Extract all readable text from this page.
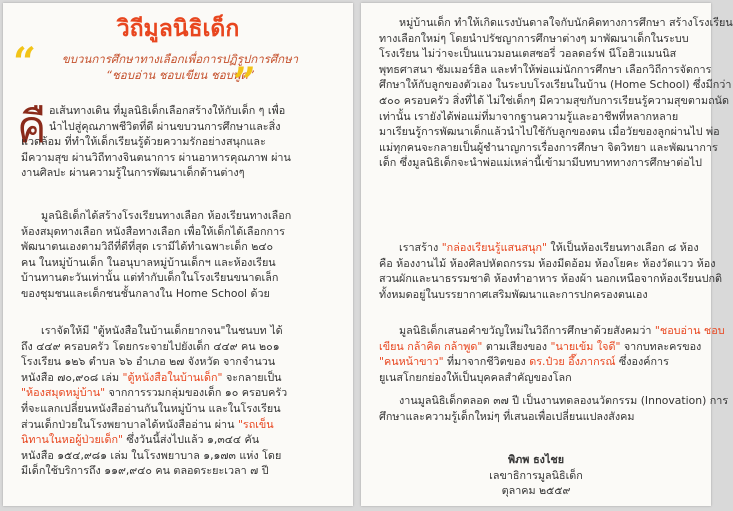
วิถีมูลนิธิเด็ก
“	ขบวนการศึกษาทางเลือกเพื่อการปฏิรูปการศึกษา
“ชอบอ่าน ชอบเขียน ชอบพูด”
”
คื อเส้นทางเดิน ที่มูลนิธิเด็กเลือกสร้างให้กับเด็ก ๆ เพื่อ
นำไปสู่คุณภาพชีวิตที่ดี ผ่านขบวนการศึกษาและสิ่ง
แวดล้อม ที่ทำให้เด็กเรียนรู้ด้วยความรักอย่างสนุกและ
มีความสุข ผ่านวิถีทางจินตนาการ ผ่านอาหารคุณภาพ ผ่าน
งานศิลปะ ผ่านความรู้ในการพัฒนาเด็กด้านต่างๆ
มูลนิธิเด็กได้สร้างโรงเรียนทางเลือก ห้องเรียนทางเลือก
ห้องสมุดทางเลือก หนังสือทางเลือก เพื่อให้เด็กได้เลือกการ
พัฒนาตนเองตามวิถีที่ดีที่สุด เรามีได้ทำเฉพาะเด็ก ๒๔๐
คน ในหมู่บ้านเด็ก ในอนุบาลหมู่บ้านเด็กฯ และห้องเรียน
บ้านทานตะวันเท่านั้น แต่ทำกับเด็กในโรงเรียนขนาดเล็ก
ของชุมชนและเด็กชนชั้นกลางใน Home School ด้วย
เราจัดให้มี "ตู้หนังสือในบ้านเด็กยากจน"ในชนบท ได้
ถึง ๔๔๙ ครอบครัว โดยกระจายไปยังเด็ก ๔๔๙ คน ๒๐๑
โรงเรียน ๑๒๖ ตำบล ๖๖ อำเภอ ๒๗ จังหวัด จากจำนวน
หนังสือ ๗๐,๙๐๘ เล่ม "ตู้หนังสือในบ้านเด็ก" จะกลายเป็น
"ห้องสมุดหมู่บ้าน" จากการรวมกลุ่มของเด็ก ๑๐ ครอบครัว
ที่จะแลกเปลี่ยนหนังสืออ่านกันในหมู่บ้าน และในโรงเรียน
ส่วนเด็กป่วยในโรงพยาบาลได้หนังสืออ่าน ผ่าน "รถเข็น
นิทานในหอผู้ป่วยเด็ก" ซึ่งวันนี้ส่งไปแล้ว ๑,๓๔๔ คัน
หนังสือ ๑๕๔,๙๘๑ เล่ม ในโรงพยาบาล ๑,๑๗๓ แห่ง โดย
มีเด็กใช้บริการถึง ๑๑๙,๙๔๐ คน ตลอดระยะเวลา ๗ ปี
หมู่บ้านเด็ก ทำให้เกิดแรงบันดาลใจกับนักคิดทางการศึกษา สร้างโรงเรียน
ทางเลือกใหม่ๆ โดยนำปรัชญาการศึกษาต่างๆ มาพัฒนาเด็กในระบบ
โรงเรียน ไม่ว่าจะเป็นแนวมอนเตสซอรี่ วอลดอร์ฟ นีโอฮิวแมนนิส
พุทธศาสนา ซัมเมอร์ฮิล และทำให้พ่อแม่นักการศึกษา เลือกวิถีการจัดการ
ศึกษาให้กับลูกของตัวเอง ในระบบโรงเรียนในบ้าน (Home School) ซึ่งมีกว่า
๕๐๐ ครอบครัว สิ่งที่ได้ ไม่ใช่เด็กๆ มีความสุขกับการเรียนรู้ความสุขตามถนัด
เท่านั้น เรายังได้พ่อแม่ที่มาจากฐานความรู้และอาชีพที่หลากหลาย
มาเรียนรู้การพัฒนาเด็กแล้วนำไปใช้กับลูกของตน เมื่อวัยของลูกผ่านไป พ่อ
แม่ทุกคนจะกลายเป็นผู้ชำนาญการเรื่องการศึกษา จิตวิทยา และพัฒนาการ
เด็ก ซึ่งมูลนิธิเด็กจะนำพ่อแม่เหล่านี้เข้ามามีบทบาททางการศึกษาต่อไป
เราสร้าง "กล่องเรียนรู้แสนสนุก" ให้เป็นห้องเรียนทางเลือก ๘ ห้อง
คือ ห้องงานไม้ ห้องศิลปหัตถกรรม ห้องมีดอ้อม ห้องโยคะ ห้องวัดแวว ห้อง
สวนผักและนาธรรมชาติ ห้องทำอาหาร ห้องผ้า นอกเหนือจากห้องเรียนปกติ
ทั้งหมดอยู่ในบรรยากาศเสริมพัฒนาและการปกครองตนเอง
มูลนิธิเด็กเสนอคำขวัญใหม่ในวิถีการศึกษาด้วยสังคมว่า "ชอบอ่าน ชอบ
เขียน กล้าคิด กล้าพูด" ตามเสียงของ "นายเข้ม ใจดี" จากบทละครของ
"คนหน้าขาว" ที่มาจากชีวิตของ ดร.ป๋วย อึ๊งภากรณ์ ซึ่งองค์การ
ยูเนสโกยกย่องให้เป็นบุคคลสำคัญของโลก
งานมูลนิธิเด็กตลอด ๓๗ ปี เป็นงานทดลองนวัตกรรม (Innovation) การ
ศึกษาและความรู้เด็กใหม่ๆ ที่เสนอเพื่อเปลี่ยนแปลงสังคม
พิภพ ธงไชย
เลขาธิการมูลนิธิเด็ก
ตุลาคม ๒๕๕๙
